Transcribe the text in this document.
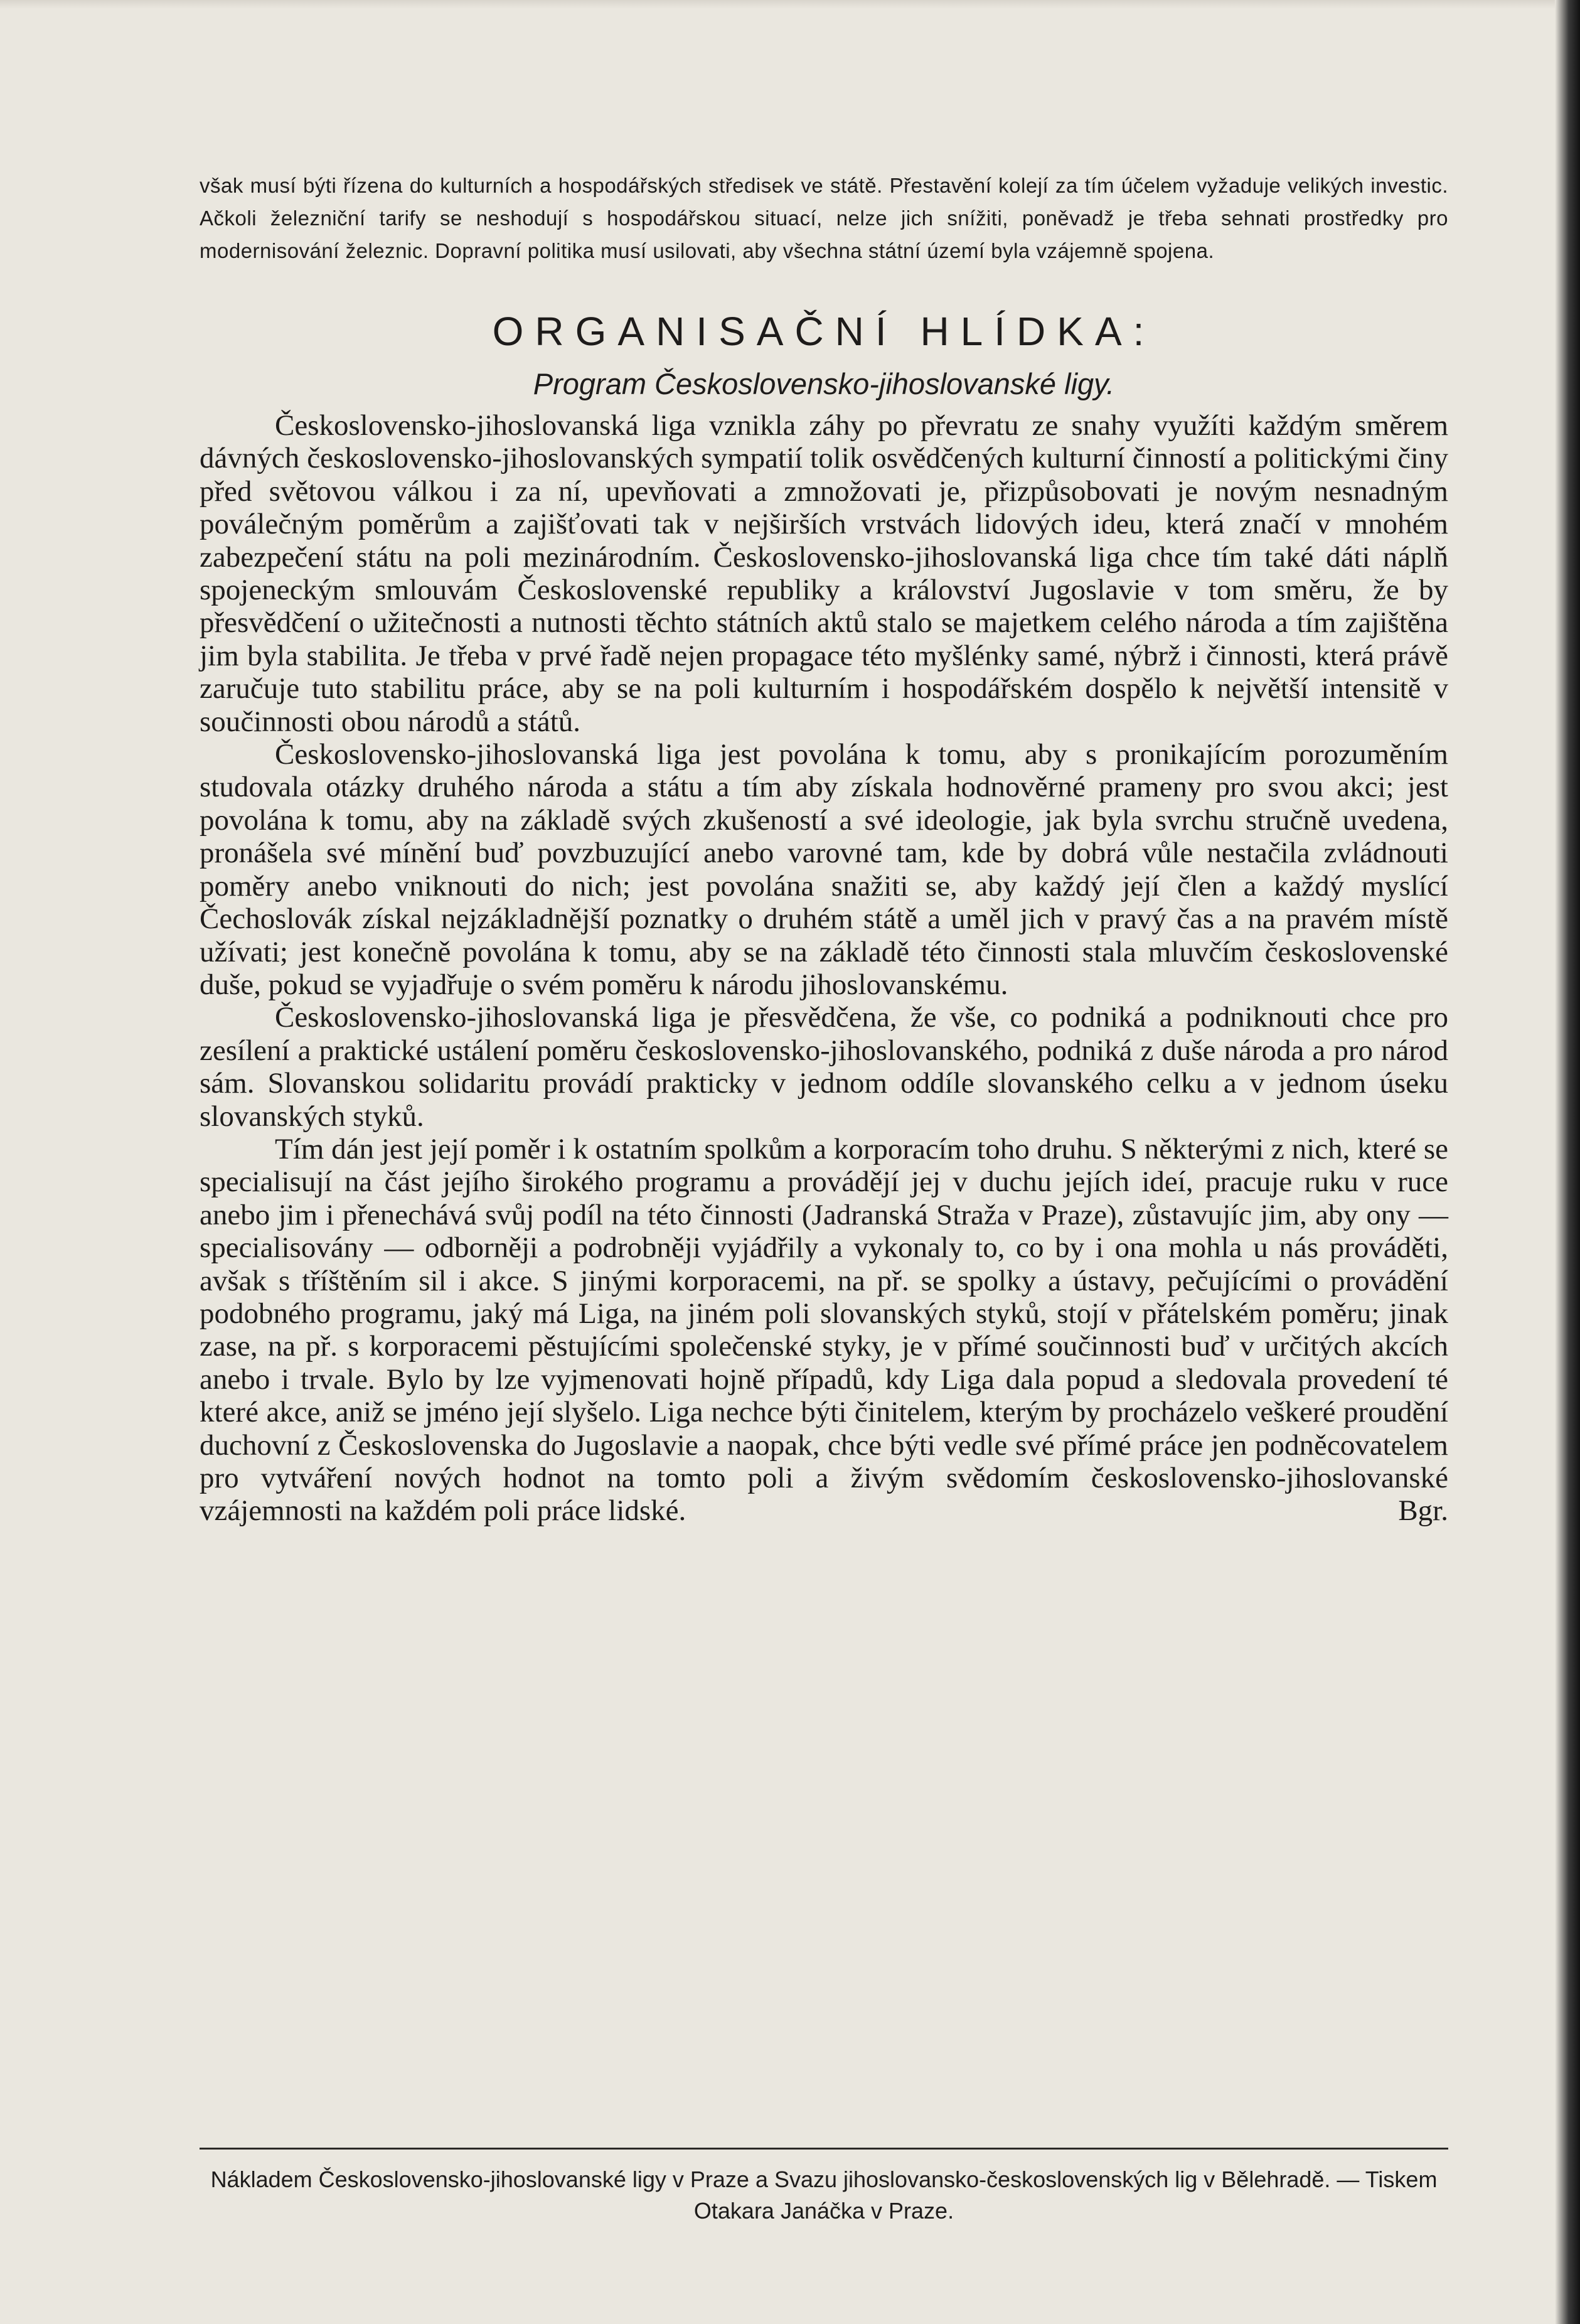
však musí býti řízena do kulturních a hospodářských středisek ve státě. Přestavění kolejí za tím účelem vyžaduje velikých investic. Ačkoli železniční tarify se neshodují s hospodářskou situací, nelze jich snížiti, poněvadž je třeba sehnati prostředky pro modernisování železnic. Dopravní politika musí usilovati, aby všechna státní území byla vzájemně spojena.

ORGANISAČNÍ HLÍDKA:
Program Československo-jihoslovanské ligy.

Československo-jihoslovanská liga vznikla záhy po převratu ze snahy využíti každým směrem dávných československo-jihoslovanských sympatií tolik osvědčených kulturní činností a politickými činy před světovou válkou i za ní, upevňovati a zmnožovati je, přizpůsobovati je novým nesnadným poválečným poměrům a zajišťovati tak v nejširších vrstvách lidových ideu, která značí v mnohém zabezpečení státu na poli mezinárodním. Československo-jihoslovanská liga chce tím také dáti náplň spojeneckým smlouvám Československé republiky a království Jugoslavie v tom směru, že by přesvědčení o užitečnosti a nutnosti těchto státních aktů stalo se majetkem celého národa a tím zajištěna jim byla stabilita. Je třeba v prvé řadě nejen propagace této myšlénky samé, nýbrž i činnosti, která právě zaručuje tuto stabilitu práce, aby se na poli kulturním i hospodářském dospělo k největší intensitě v součinnosti obou národů a států.

Československo-jihoslovanská liga jest povolána k tomu, aby s pronikajícím porozuměním studovala otázky druhého národa a státu a tím aby získala hodnověrné prameny pro svou akci; jest povolána k tomu, aby na základě svých zkušeností a své ideologie, jak byla svrchu stručně uvedena, pronášela své mínění buď povzbuzující anebo varovné tam, kde by dobrá vůle nestačila zvládnouti poměry anebo vniknouti do nich; jest povolána snažiti se, aby každý její člen a každý myslící Čechoslovák získal nejzákladnější poznatky o druhém státě a uměl jich v pravý čas a na pravém místě užívati; jest konečně povolána k tomu, aby se na základě této činnosti stala mluvčím československé duše, pokud se vyjadřuje o svém poměru k národu jihoslovanskému.

Československo-jihoslovanská liga je přesvědčena, že vše, co podniká a podniknouti chce pro zesílení a praktické ustálení poměru československo-jihoslovanského, podniká z duše národa a pro národ sám. Slovanskou solidaritu provádí prakticky v jednom oddíle slovanského celku a v jednom úseku slovanských styků.

Tím dán jest její poměr i k ostatním spolkům a korporacím toho druhu. S některými z nich, které se specialisují na část jejího širokého programu a provádějí jej v duchu jejích ideí, pracuje ruku v ruce anebo jim i přenechává svůj podíl na této činnosti (Jadranská Straža v Praze), zůstavujíc jim, aby ony — specialisovány — odborněji a podrobněji vyjádřily a vykonaly to, co by i ona mohla u nás prováděti, avšak s tříštěním sil i akce. S jinými korporacemi, na př. se spolky a ústavy, pečujícími o provádění podobného programu, jaký má Liga, na jiném poli slovanských styků, stojí v přátelském poměru; jinak zase, na př. s korporacemi pěstujícími společenské styky, je v přímé součinnosti buď v určitých akcích anebo i trvale. Bylo by lze vyjmenovati hojně případů, kdy Liga dala popud a sledovala provedení té které akce, aniž se jméno její slyšelo. Liga nechce býti činitelem, kterým by procházelo veškeré proudění duchovní z Československa do Jugoslavie a naopak, chce býti vedle své přímé práce jen podněcovatelem pro vytváření nových hodnot na tomto poli a živým svědomím československo-jihoslovanské vzájemnosti na každém poli práce lidské.	Bgr.

Nákladem Československo-jihoslovanské ligy v Praze a Svazu jihoslovansko-československých lig v Bělehradě. — Tiskem Otakara Janáčka v Praze.
